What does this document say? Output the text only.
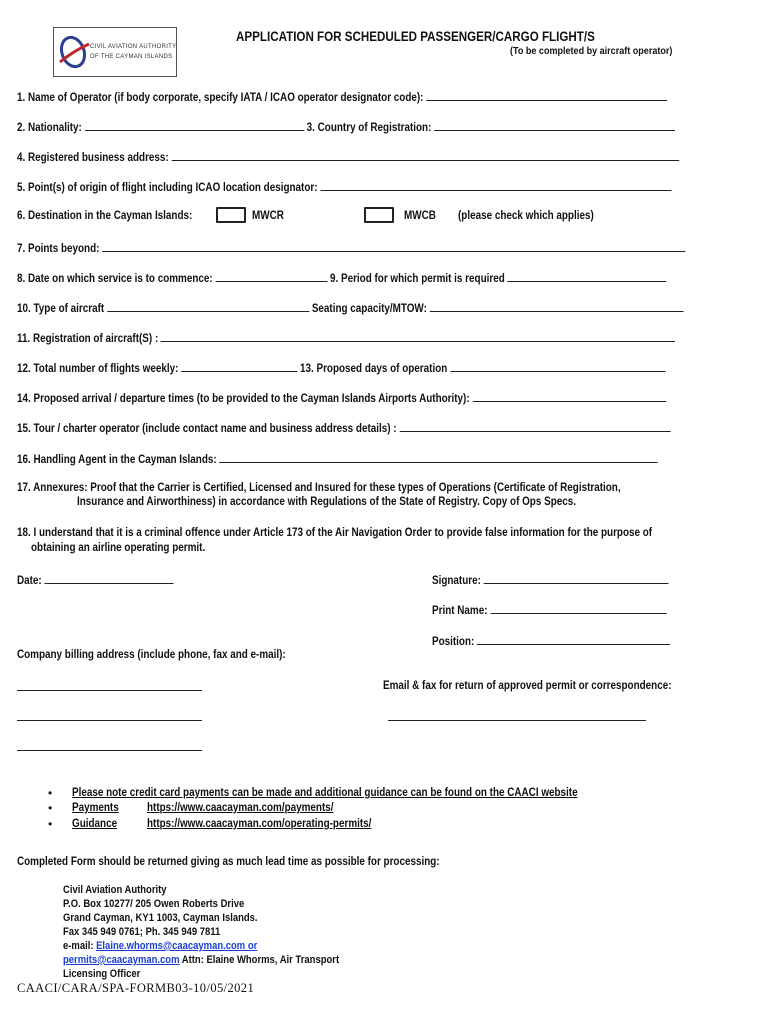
CIVIL AVIATION AUTHORITY
OF THE CAYMAN ISLANDS
APPLICATION FOR SCHEDULED PASSENGER/CARGO FLIGHT/S
(To be completed by aircraft operator)
1. Name of Operator (if body corporate, specify IATA / ICAO operator designator code):
2. Nationality:	3. Country of Registration:
4. Registered business address:
5. Point(s) of origin of flight including ICAO location designator:
6. Destination in the Cayman Islands:	MWCR	MWCB (please check which applies)
7. Points beyond:
8. Date on which service is to commence:	9. Period for which permit is required
10. Type of aircraft	Seating capacity/MTOW:
11. Registration of aircraft(S) :
12. Total number of flights weekly:	13. Proposed days of operation
14. Proposed arrival / departure times (to be provided to the Cayman Islands Airports Authority):
15. Tour / charter operator (include contact name and business address details) :
16. Handling Agent in the Cayman Islands:
17. Annexures: Proof that the Carrier is Certified, Licensed and Insured for these types of Operations (Certificate of Registration,
Insurance and Airworthiness) in accordance with Regulations of the State of Registry. Copy of Ops Specs.
18. I understand that it is a criminal offence under Article 173 of the Air Navigation Order to provide false information for the purpose of
obtaining an airline operating permit.
Date:	Signature:
Print Name:
Position:
Company billing address (include phone, fax and e-mail):
Email & fax for return of approved permit or correspondence:
• Please note credit card payments can be made and additional guidance can be found on the CAACI website
• Payments https://www.caacayman.com/payments/
• Guidance	https://www.caacayman.com/operating-permits/
Completed Form should be returned giving as much lead time as possible for processing:
Civil Aviation Authority
P.O. Box 10277/ 205 Owen Roberts Drive
Grand Cayman, KY1 1003, Cayman Islands.
Fax 345 949 0761; Ph. 345 949 7811
e-mail: Elaine.whorms@caacayman.com or
permits@caacayman.com Attn: Elaine Whorms, Air Transport
Licensing Officer
CAACI/CARA/SPA-FORMB03-10/05/2021
